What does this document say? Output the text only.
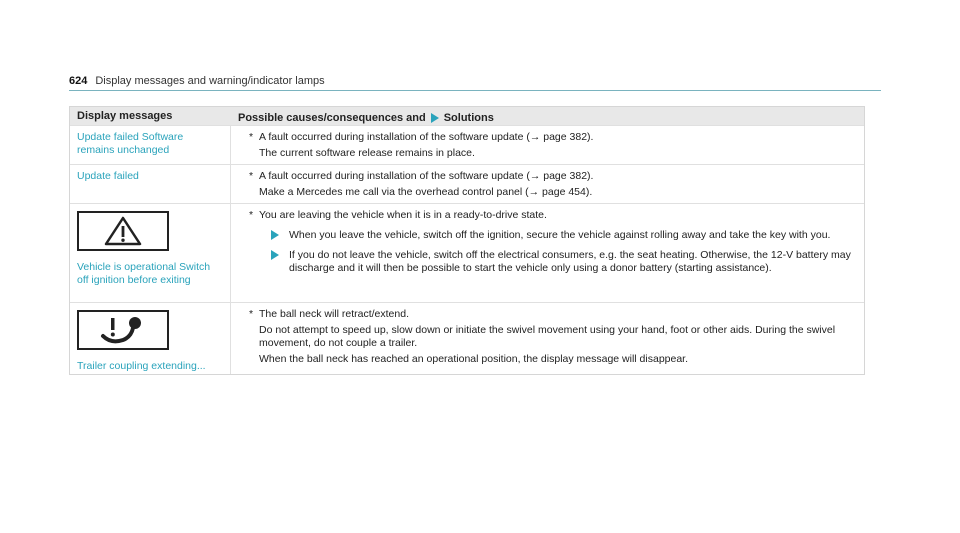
624 Display messages and warning/indicator lamps
Display messages	Possible causes/consequences and Solutions
Update failed Software remains unchanged
* A fault occurred during installation of the software update (→ page 382).
The current software release remains in place.
Update failed	* A fault occurred during installation of the software update (→ page 382).
Make a Mercedes me call via the overhead control panel (→ page 454).
Vehicle is operational Switch off ignition before exiting
* You are leaving the vehicle when it is in a ready-to-drive state.
When you leave the vehicle, switch off the ignition, secure the vehicle against rolling away and take the key with you.
If you do not leave the vehicle, switch off the electrical consumers, e.g. the seat heating. Otherwise, the 12-V battery may discharge and it will then be possible to start the vehicle only using a donor battery (starting assistance).
Trailer coupling extending...
* The ball neck will retract/extend.
Do not attempt to speed up, slow down or initiate the swivel movement using your hand, foot or other aids. During the swivel movement, do not couple a trailer.
When the ball neck has reached an operational position, the display message will disappear.
